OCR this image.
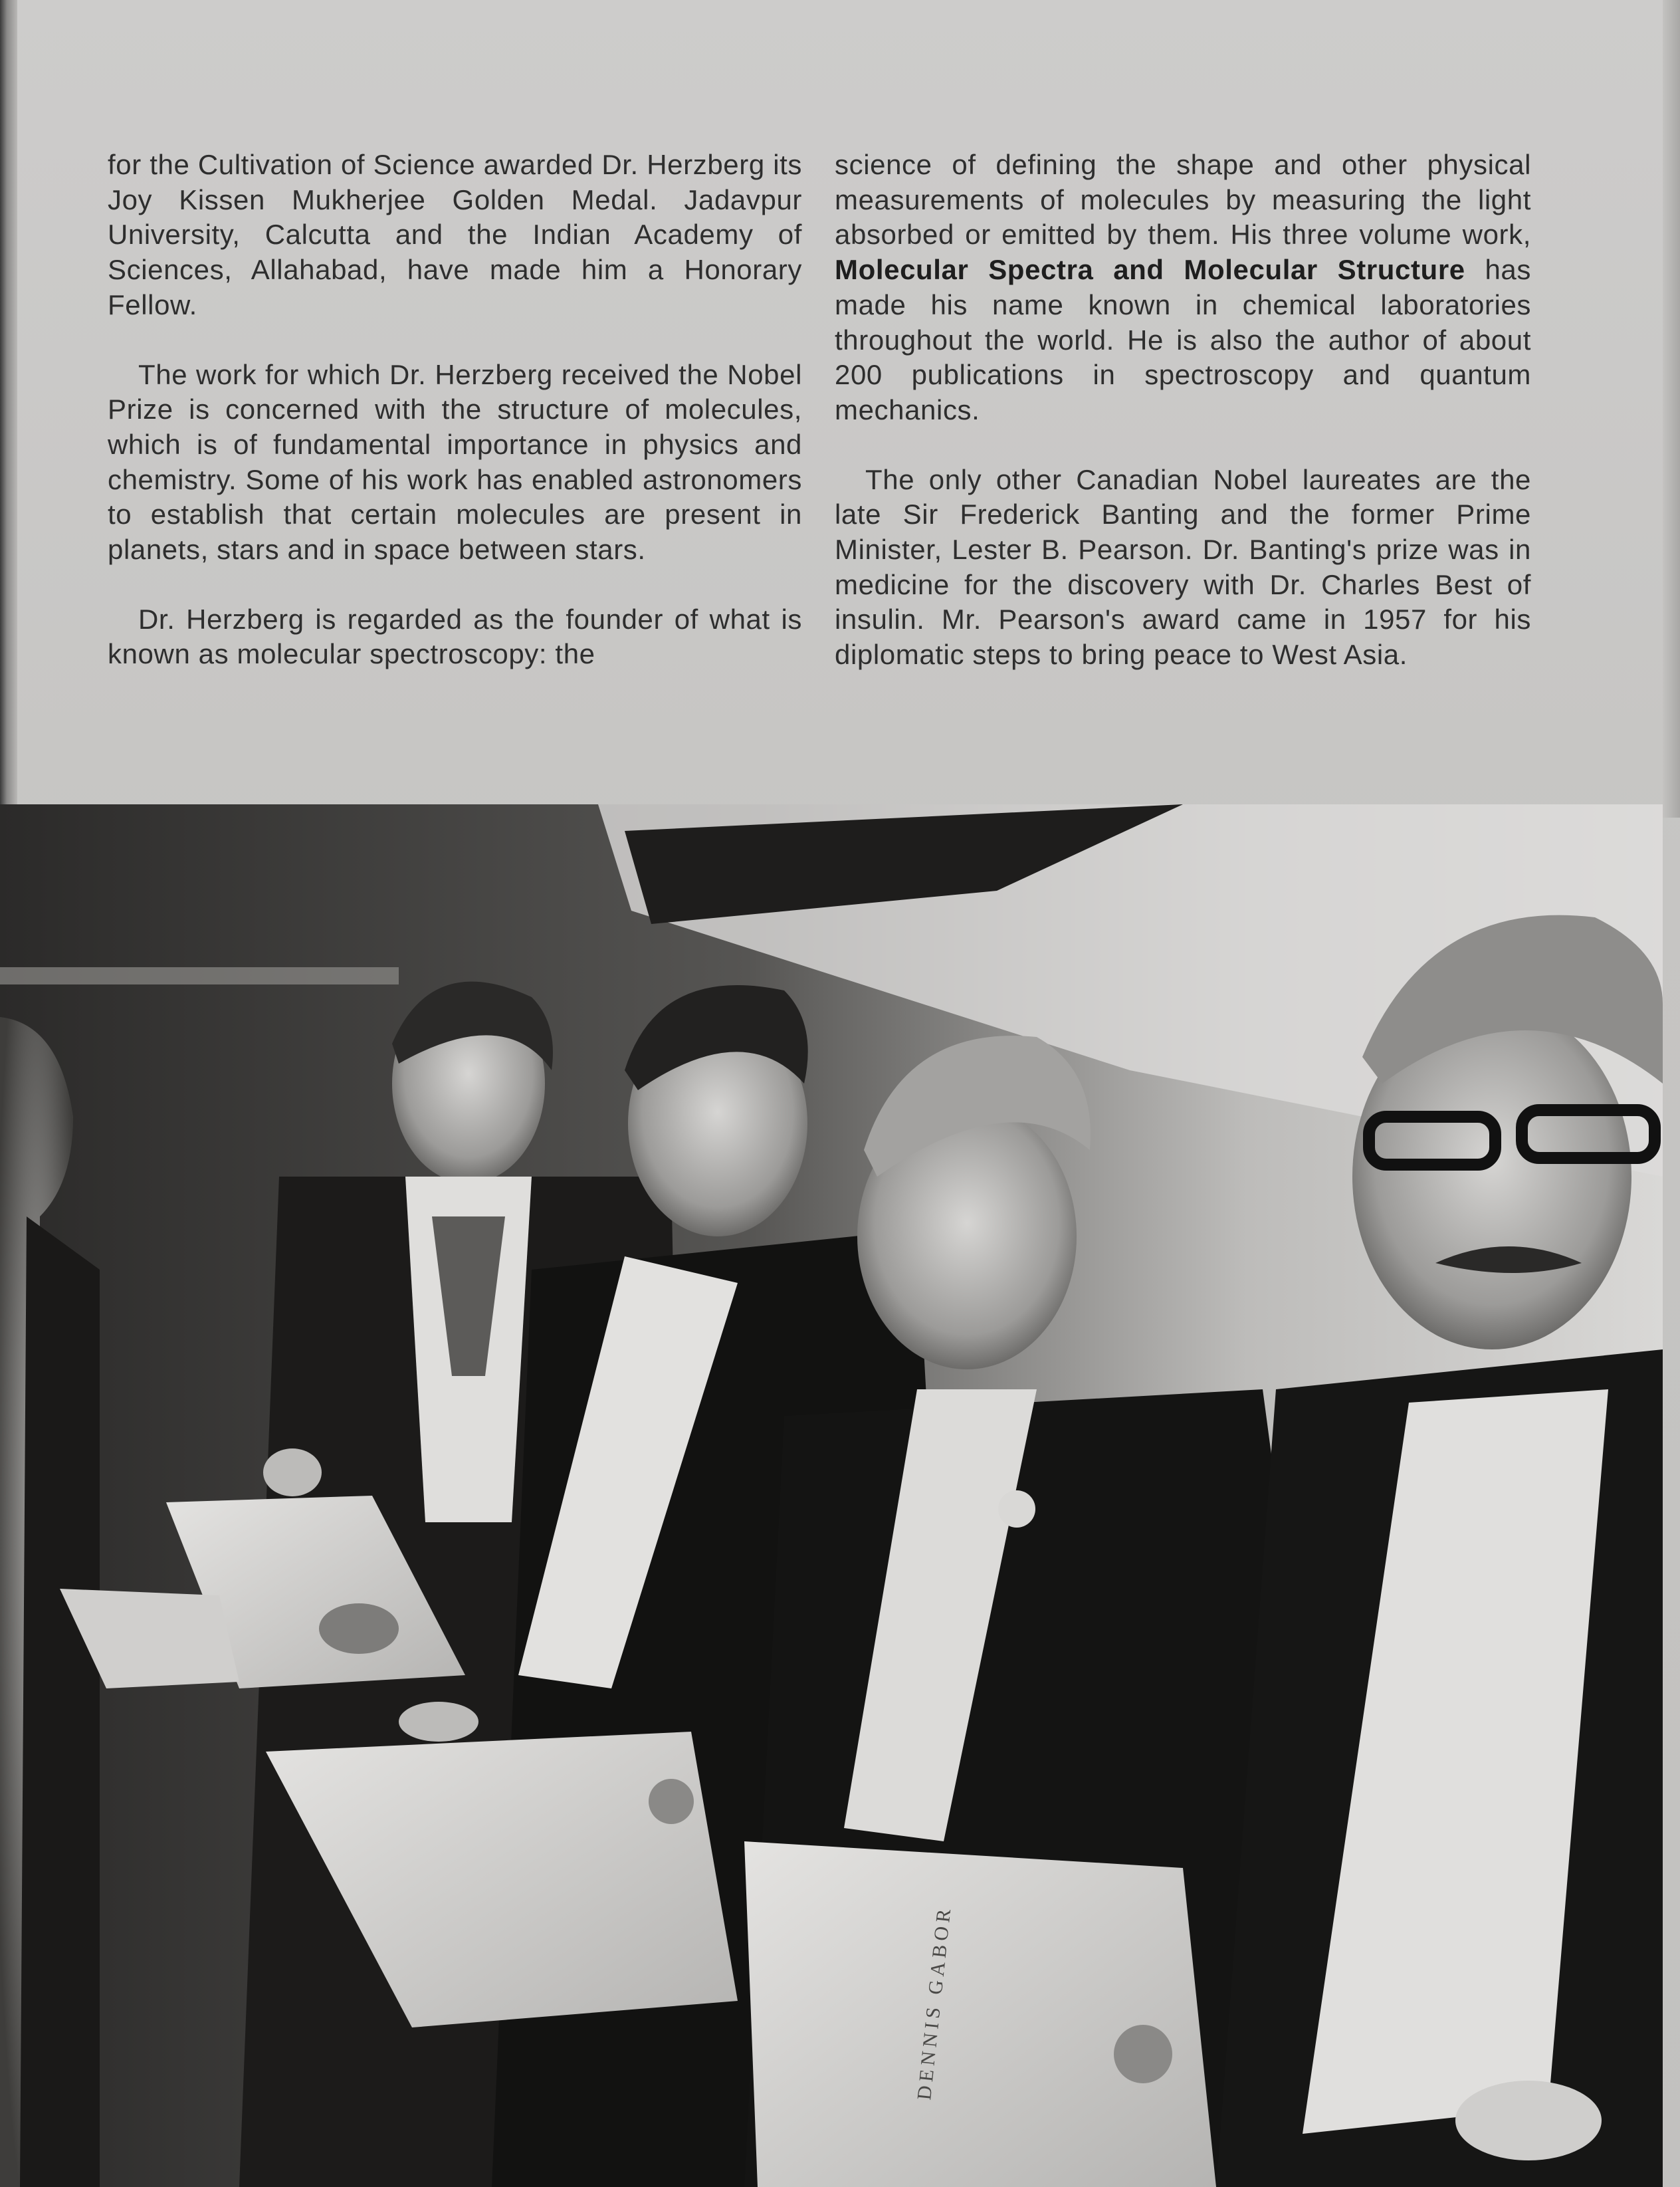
for the Cultivation of Science awarded Dr. Herzberg its Joy Kissen Mukherjee Golden Medal. Jadavpur University, Calcutta and the Indian Academy of Sciences, Allahabad, have made him a Honorary Fellow.

The work for which Dr. Herzberg received the Nobel Prize is concerned with the structure of molecules, which is of fundamental importance in physics and chemistry. Some of his work has enabled astronomers to establish that certain molecules are present in planets, stars and in space between stars.

Dr. Herzberg is regarded as the founder of what is known as molecular spectroscopy: the

science of defining the shape and other physical measurements of molecules by measuring the light absorbed or emitted by them. His three volume work, Molecular Spectra and Molecular Structure has made his name known in chemical laboratories throughout the world. He is also the author of about 200 publications in spectroscopy and quantum mechanics.

The only other Canadian Nobel laureates are the late Sir Frederick Banting and the former Prime Minister, Lester B. Pearson. Dr. Banting's prize was in medicine for the discovery with Dr. Charles Best of insulin. Mr. Pearson's award came in 1957 for his diplomatic steps to bring peace to West Asia.

DENNIS GABOR
